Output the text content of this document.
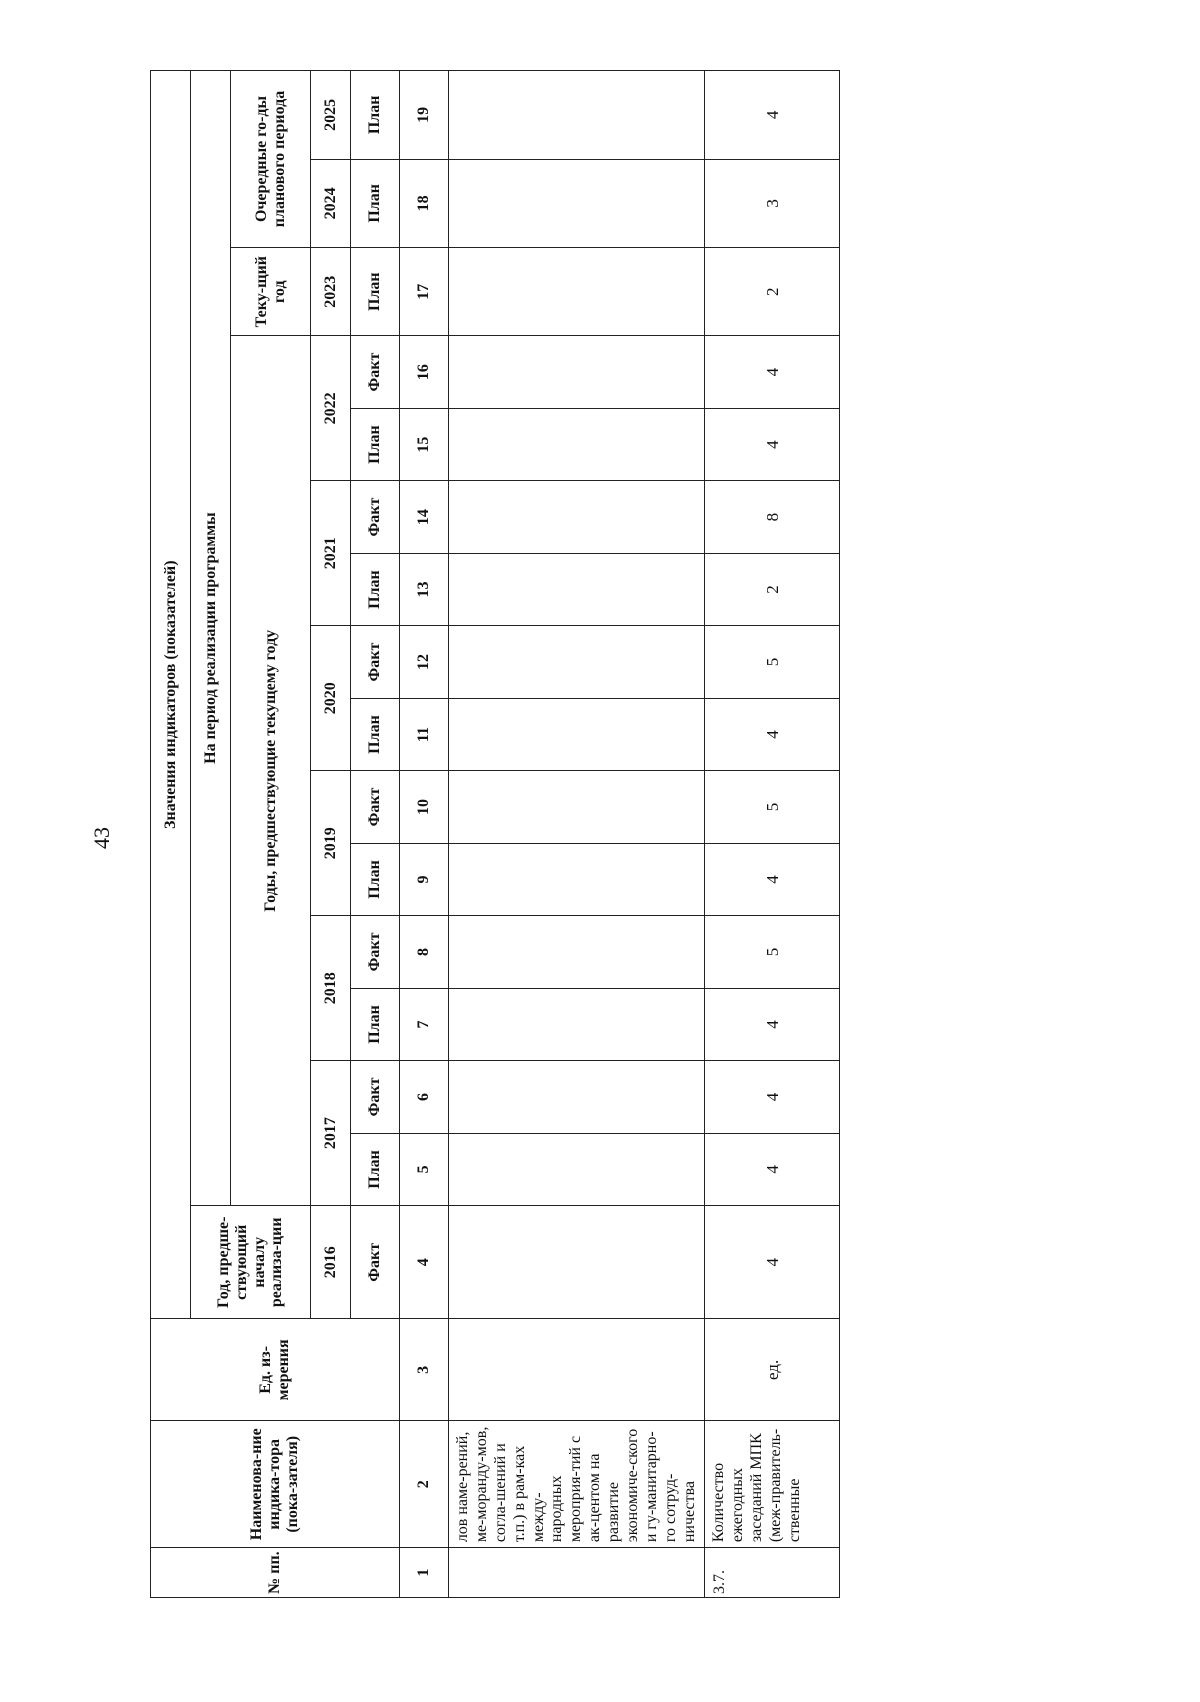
43
№ пп.	Наименова-ние индика-тора (пока-зателя)	Ед. из-мерения	Значения индикаторов (показателей)															
			Год, предше-ствующий началу реализа-ции	На период реализации программы														
				Годы, предшествующие текущему году												Теку-щий год	Очередные го-ды планового периода	
			2016	2017		2018		2019		2020		2021		2022		2023	2024	2025
			Факт	План	Факт	План	Факт	План	Факт	План	Факт	План	Факт	План	Факт	План	План	План
1	2	3	4	5	6	7	8	9	10	11	12	13	14	15	16	17	18	19
	лов наме-рений, ме-моранду-мов, согла-шений и т.п.) в рам-ках между-народных мероприя-тий с ак-центом на развитие экономиче-ского и гу-манитарно-го сотруд-ничества																	
3.7.	Количество ежегодных заседаний МПК (меж-правитель-ственные	ед.	4	4	4	4	5	4	5	4	5	2	8	4	4	2	3	4
